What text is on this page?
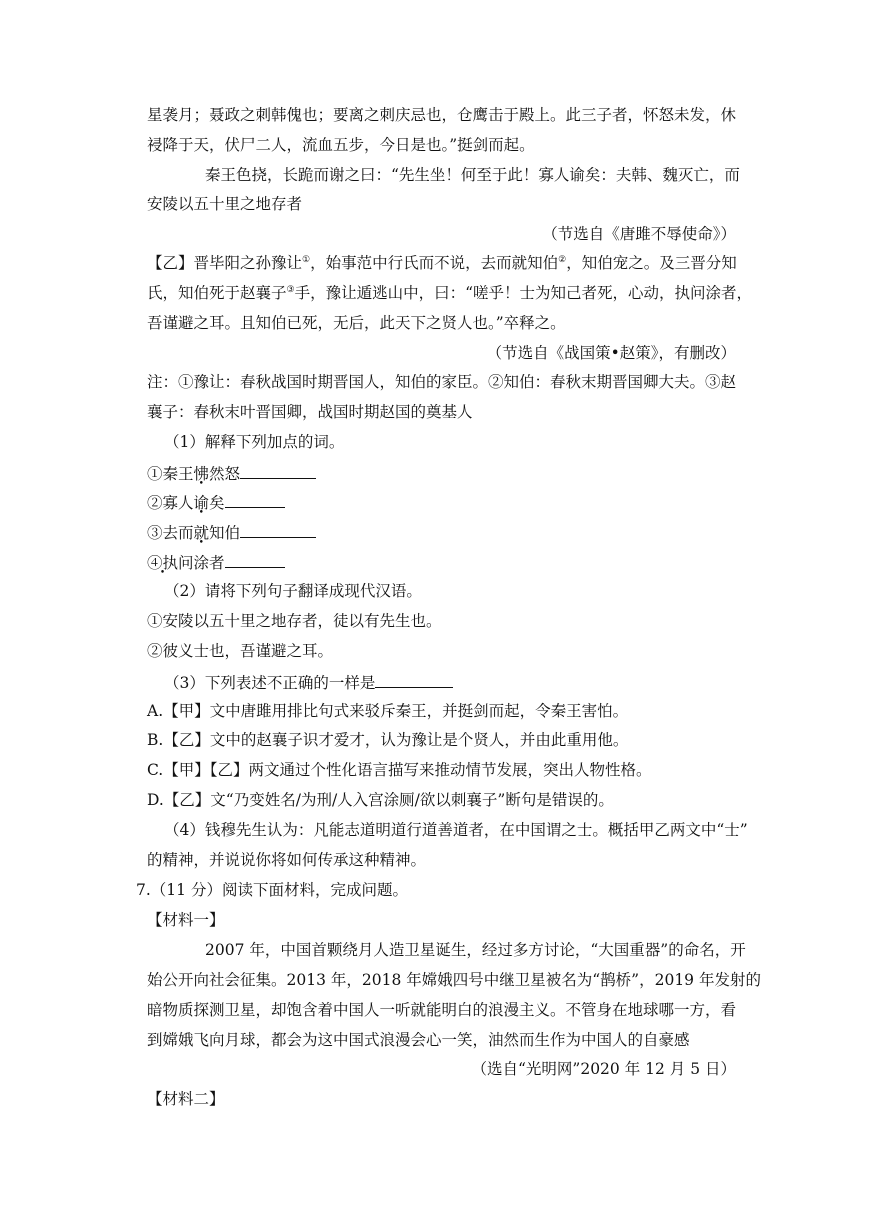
星袭月；聂政之刺韩傀也；要离之刺庆忌也，仓鹰击于殿上。此三子者，怀怒未发，休
祲降于天，伏尸二人，流血五步，今日是也。”挺剑而起。
秦王色挠，长跪而谢之曰：“先生坐！何至于此！寡人谕矣：夫韩、魏灭亡，而
安陵以五十里之地存者
（节选自《唐雎不辱使命》）
【乙】晋毕阳之孙豫让①，始事范中行氏而不说，去而就知伯②，知伯宠之。及三晋分知
氏，知伯死于赵襄子③手，豫让遁逃山中，曰：“嗟乎！士为知己者死，心动，执问涂者，
吾谨避之耳。且知伯已死，无后，此天下之贤人也。”卒释之。
（节选自《战国策•赵策》，有删改）
注：①豫让：春秋战国时期晋国人，知伯的家臣。②知伯：春秋末期晋国卿大夫。③赵
襄子：春秋末叶晋国卿，战国时期赵国的奠基人
（1）解释下列加点的词。
①秦王怫然怒
②寡人谕矣
③去而就知伯
④执 •问涂者
（2）请将下列句子翻译成现代汉语。
①安陵以五十里之地存者，徒以有先生也。
②彼义士也，吾谨避之耳。
（3）下列表述不正确的一样是
A.【甲】文中唐雎用排比句式来驳斥秦王，并挺剑而起，令秦王害怕。
B.【乙】文中的赵襄子识才爱才，认为豫让是个贤人，并由此重用他。
C.【甲】【乙】两文通过个性化语言描写来推动情节发展，突出人物性格。
D.【乙】文“乃变姓名/为刑/人入宫涂厕/欲以刺襄子”断句是错误的。
（4）钱穆先生认为：凡能志道明道行道善道者，在中国谓之士。概括甲乙两文中“士”
的精神，并说说你将如何传承这种精神。
7.（11 分）阅读下面材料，完成问题。
【材料一】
2007 年，中国首颗绕月人造卫星诞生，经过多方讨论，“大国重器”的命名，开
始公开向社会征集。2013 年，2018 年嫦娥四号中继卫星被名为“鹊桥”，2019 年发射的
暗物质探测卫星，却饱含着中国人一听就能明白的浪漫主义。不管身在地球哪一方，看
到嫦娥飞向月球，都会为这中国式浪漫会心一笑，油然而生作为中国人的自豪感
（选自“光明网”2020 年 12 月 5 日）
【材料二】
